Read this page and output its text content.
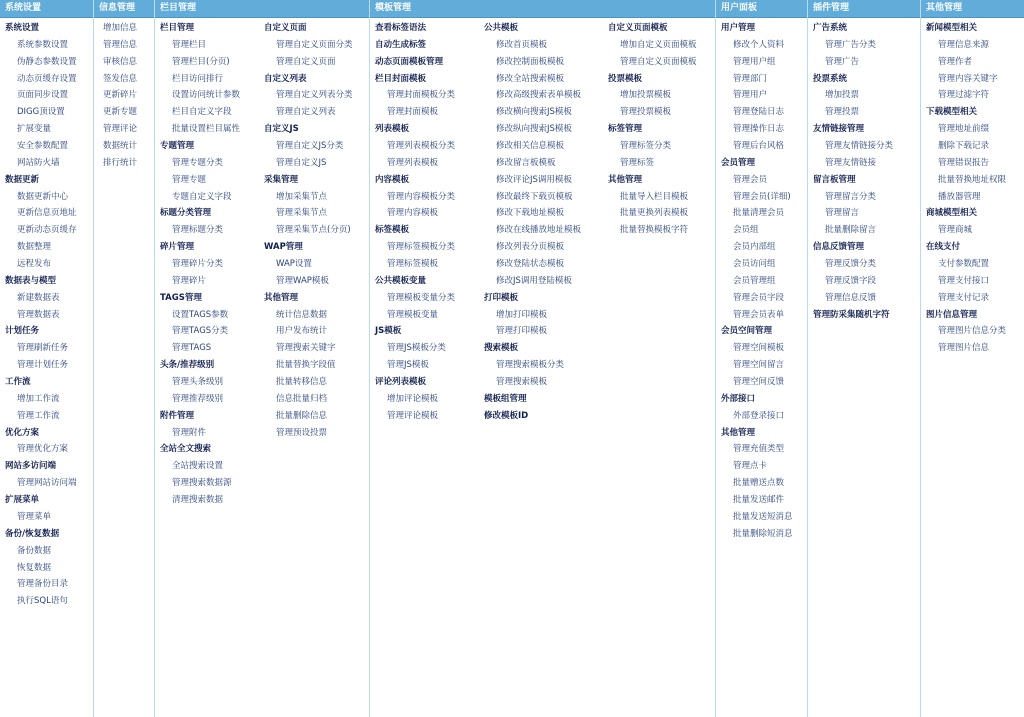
系统设置
系统设置
系统参数设置
伪静态参数设置
动态页缓存设置
页面同步设置
DIGG顶设置
扩展变量
安全参数配置
网站防火墙
数据更新
数据更新中心
更新信息页地址
更新动态页缓存
数据整理
远程发布
数据表与模型
新建数据表
管理数据表
计划任务
管理刷新任务
管理计划任务
工作流
增加工作流
管理工作流
优化方案
管理优化方案
网站多访问端
管理网站访问端
扩展菜单
管理菜单
备份/恢复数据
备份数据
恢复数据
管理备份目录
执行SQL语句
信息管理
增加信息
管理信息
审核信息
签发信息
更新碎片
更新专题
管理评论
数据统计
排行统计
栏目管理
栏目管理
管理栏目
管理栏目(分页)
栏目访问排行
设置访问统计参数
栏目自定义字段
批量设置栏目属性
专题管理
管理专题分类
管理专题
专题自定义字段
标题分类管理
管理标题分类
碎片管理
管理碎片分类
管理碎片
TAGS管理
设置TAGS参数
管理TAGS分类
管理TAGS
头条/推荐级别
管理头条级别
管理推荐级别
附件管理
管理附件
全站全文搜索
全站搜索设置
管理搜索数据源
清理搜索数据
自定义页面
管理自定义页面分类
管理自定义页面
自定义列表
管理自定义列表分类
管理自定义列表
自定义JS
管理自定义JS分类
管理自定义JS
采集管理
增加采集节点
管理采集节点
管理采集节点(分页)
WAP管理
WAP设置
管理WAP模板
其他管理
统计信息数据
用户发布统计
管理搜索关键字
批量替换字段值
批量转移信息
信息批量归档
批量删除信息
管理预设投票
模板管理
查看标签语法
自动生成标签
动态页面模板管理
栏目封面模板
管理封面模板分类
管理封面模板
列表模板
管理列表模板分类
管理列表模板
内容模板
管理内容模板分类
管理内容模板
标签模板
管理标签模板分类
管理标签模板
公共模板变量
管理模板变量分类
管理模板变量
JS模板
管理JS模板分类
管理JS模板
评论列表模板
增加评论模板
管理评论模板
公共模板
修改首页模板
修改控制面板模板
修改全站搜索模板
修改高级搜索表单模板
修改横向搜索JS模板
修改纵向搜索JS模板
修改相关信息模板
修改留言板模板
修改评论JS调用模板
修改最终下载页模板
修改下载地址模板
修改在线播放地址模板
修改列表分页模板
修改登陆状态模板
修改JS调用登陆模板
打印模板
增加打印模板
管理打印模板
搜索模板
管理搜索模板分类
管理搜索模板
模板组管理
修改模板ID
自定义页面模板
增加自定义页面模板
管理自定义页面模板
投票模板
增加投票模板
管理投票模板
标签管理
管理标签分类
管理标签
其他管理
批量导入栏目模板
批量更换列表模板
批量替换模板字符
用户面板
用户管理
修改个人资料
管理用户组
管理部门
管理用户
管理登陆日志
管理操作日志
管理后台风格
会员管理
管理会员
管理会员(详细)
批量清理会员
会员组
会员内部组
会员访问组
会员管理组
管理会员字段
管理会员表单
会员空间管理
管理空间模板
管理空间留言
管理空间反馈
外部接口
外部登录接口
其他管理
管理充值类型
管理点卡
批量赠送点数
批量发送邮件
批量发送短消息
批量删除短消息
插件管理
广告系统
管理广告分类
管理广告
投票系统
增加投票
管理投票
友情链接管理
管理友情链接分类
管理友情链接
留言板管理
管理留言分类
管理留言
批量删除留言
信息反馈管理
管理反馈分类
管理反馈字段
管理信息反馈
管理防采集随机字符
其他管理
新闻模型相关
管理信息来源
管理作者
管理内容关键字
管理过滤字符
下载模型相关
管理地址前缀
删除下载记录
管理错误报告
批量替换地址权限
播放器管理
商城模型相关
管理商城
在线支付
支付参数配置
管理支付接口
管理支付记录
图片信息管理
管理图片信息分类
管理图片信息
